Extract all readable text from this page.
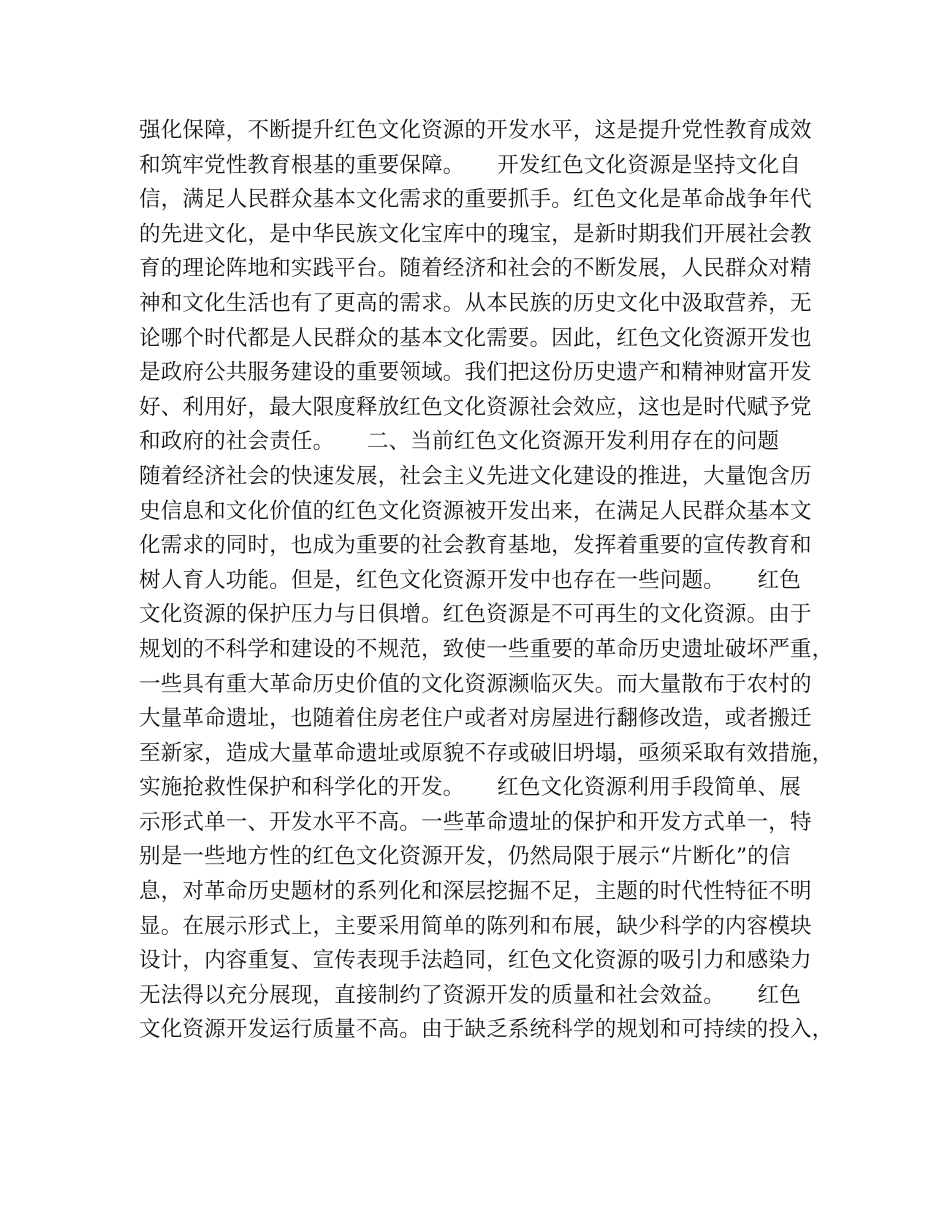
强化保障，不断提升红色文化资源的开发水平，这是提升党性教育成效
和筑牢党性教育根基的重要保障。　　开发红色文化资源是坚持文化自
信，满足人民群众基本文化需求的重要抓手。红色文化是革命战争年代
的先进文化，是中华民族文化宝库中的瑰宝，是新时期我们开展社会教
育的理论阵地和实践平台。随着经济和社会的不断发展，人民群众对精
神和文化生活也有了更高的需求。从本民族的历史文化中汲取营养，无
论哪个时代都是人民群众的基本文化需要。因此，红色文化资源开发也
是政府公共服务建设的重要领域。我们把这份历史遗产和精神财富开发
好、利用好，最大限度释放红色文化资源社会效应，这也是时代赋予党
和政府的社会责任。　　二、当前红色文化资源开发利用存在的问题
随着经济社会的快速发展，社会主义先进文化建设的推进，大量饱含历
史信息和文化价值的红色文化资源被开发出来，在满足人民群众基本文
化需求的同时，也成为重要的社会教育基地，发挥着重要的宣传教育和
树人育人功能。但是，红色文化资源开发中也存在一些问题。　　红色
文化资源的保护压力与日俱增。红色资源是不可再生的文化资源。由于
规划的不科学和建设的不规范，致使一些重要的革命历史遗址破坏严重，
一些具有重大革命历史价值的文化资源濒临灭失。而大量散布于农村的
大量革命遗址，也随着住房老住户或者对房屋进行翻修改造，或者搬迁
至新家，造成大量革命遗址或原貌不存或破旧坍塌，亟须采取有效措施，
实施抢救性保护和科学化的开发。　　红色文化资源利用手段简单、展
示形式单一、开发水平不高。一些革命遗址的保护和开发方式单一，特
别是一些地方性的红色文化资源开发，仍然局限于展示“片断化”的信
息，对革命历史题材的系列化和深层挖掘不足，主题的时代性特征不明
显。在展示形式上，主要采用简单的陈列和布展，缺少科学的内容模块
设计，内容重复、宣传表现手法趋同，红色文化资源的吸引力和感染力
无法得以充分展现，直接制约了资源开发的质量和社会效益。　　红色
文化资源开发运行质量不高。由于缺乏系统科学的规划和可持续的投入，
